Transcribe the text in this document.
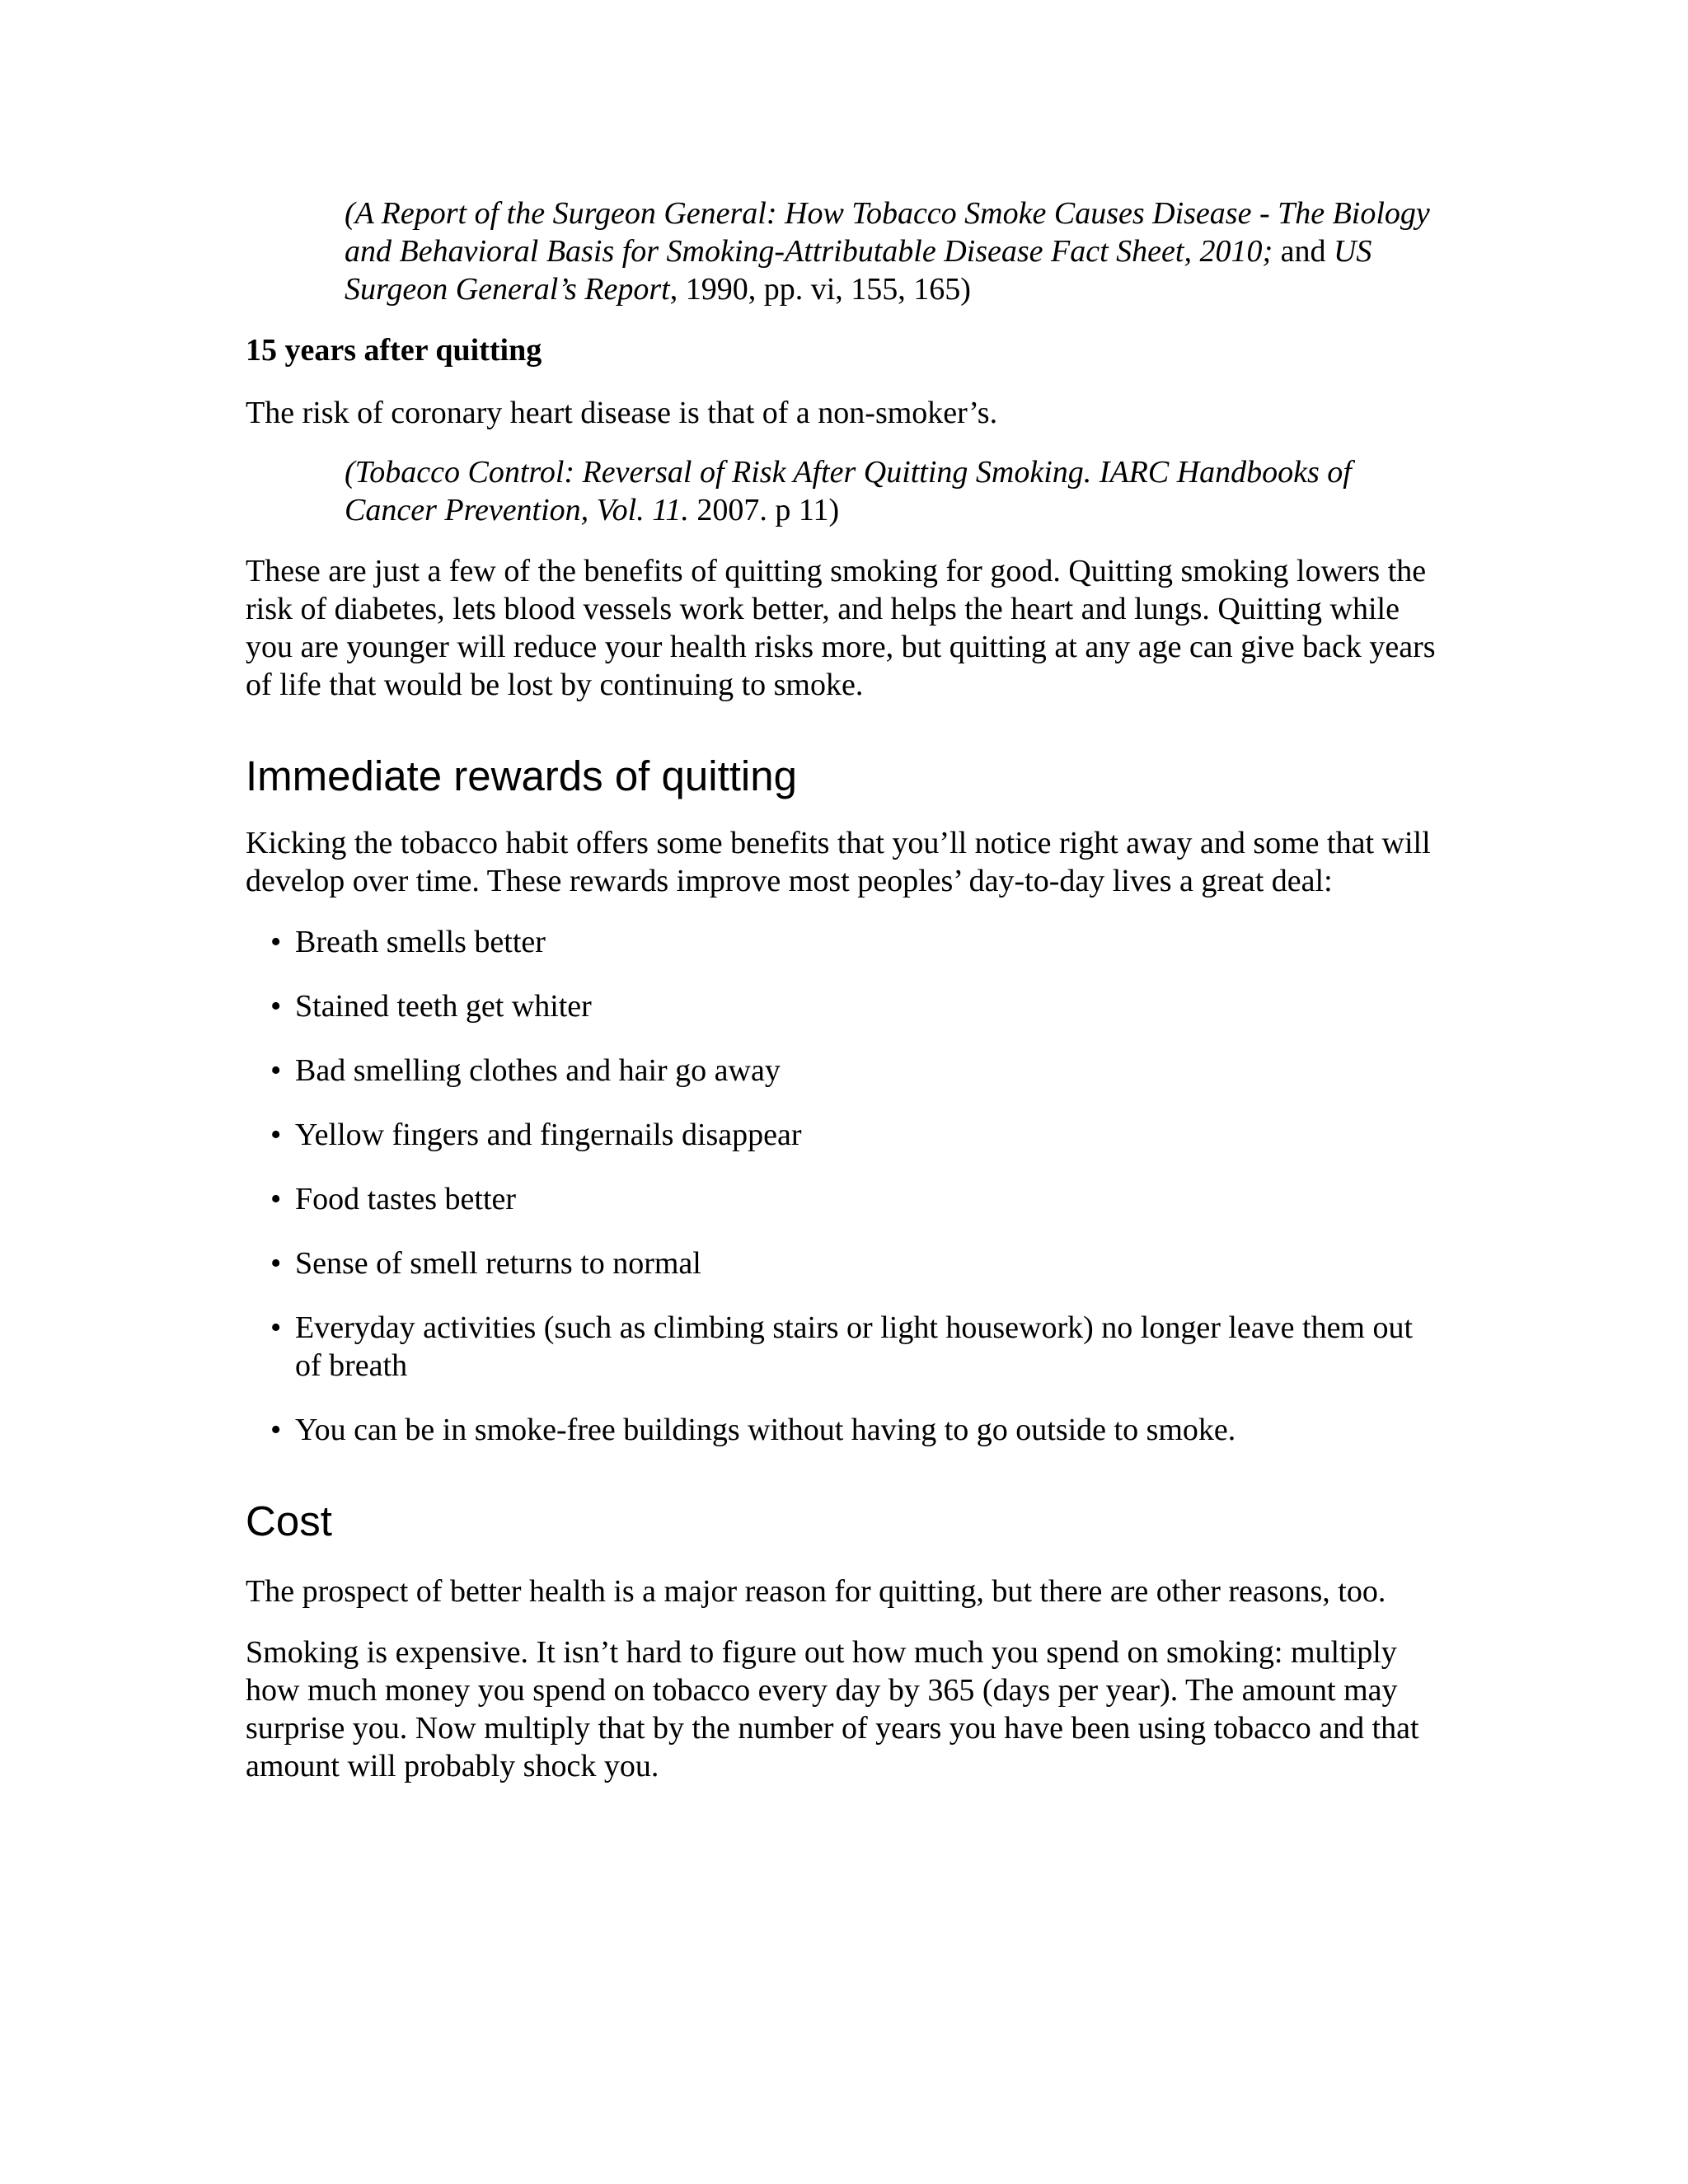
(A Report of the Surgeon General: How Tobacco Smoke Causes Disease - The Biology and Behavioral Basis for Smoking-Attributable Disease Fact Sheet, 2010; and US Surgeon General’s Report, 1990, pp. vi, 155, 165)

15 years after quitting

The risk of coronary heart disease is that of a non-smoker’s.

(Tobacco Control: Reversal of Risk After Quitting Smoking. IARC Handbooks of Cancer Prevention, Vol. 11. 2007. p 11)

These are just a few of the benefits of quitting smoking for good. Quitting smoking lowers the risk of diabetes, lets blood vessels work better, and helps the heart and lungs. Quitting while you are younger will reduce your health risks more, but quitting at any age can give back years of life that would be lost by continuing to smoke.

Immediate rewards of quitting

Kicking the tobacco habit offers some benefits that you’ll notice right away and some that will develop over time. These rewards improve most peoples’ day-to-day lives a great deal:

• Breath smells better
• Stained teeth get whiter
• Bad smelling clothes and hair go away
• Yellow fingers and fingernails disappear
• Food tastes better
• Sense of smell returns to normal
• Everyday activities (such as climbing stairs or light housework) no longer leave them out of breath
• You can be in smoke-free buildings without having to go outside to smoke.
Cost

The prospect of better health is a major reason for quitting, but there are other reasons, too.

Smoking is expensive. It isn’t hard to figure out how much you spend on smoking: multiply how much money you spend on tobacco every day by 365 (days per year). The amount may surprise you. Now multiply that by the number of years you have been using tobacco and that amount will probably shock you.
